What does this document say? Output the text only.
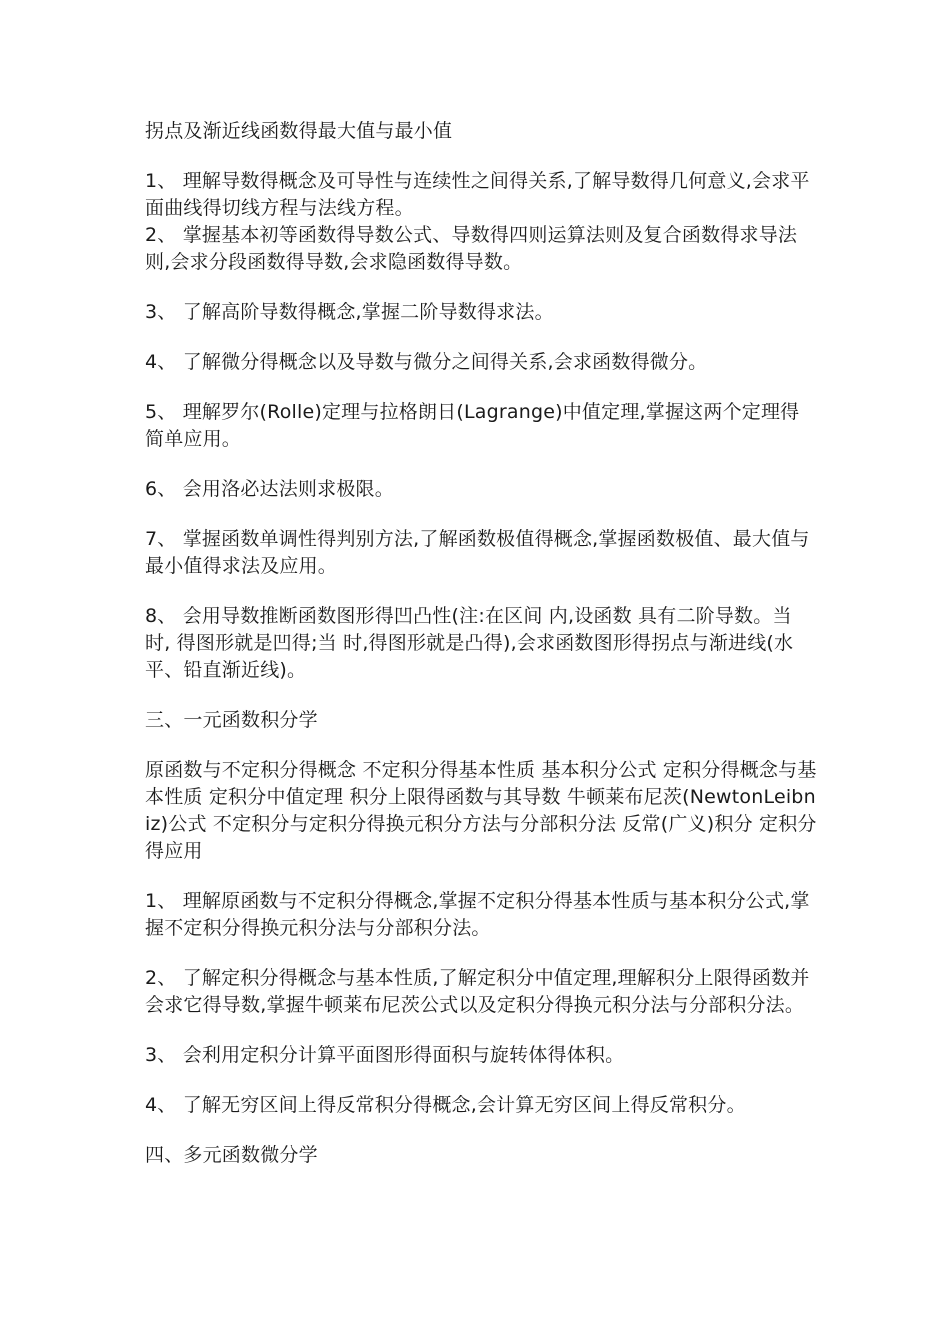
拐点及渐近线函数得最大值与最小值

1、 理解导数得概念及可导性与连续性之间得关系,了解导数得几何意义,会求平面曲线得切线方程与法线方程。

2、 掌握基本初等函数得导数公式、导数得四则运算法则及复合函数得求导法则,会求分段函数得导数,会求隐函数得导数。

3、 了解高阶导数得概念,掌握二阶导数得求法。

4、 了解微分得概念以及导数与微分之间得关系,会求函数得微分。

5、 理解罗尔(Rolle)定理与拉格朗日(Lagrange)中值定理,掌握这两个定理得简单应用。

6、 会用洛必达法则求极限。

7、 掌握函数单调性得判别方法,了解函数极值得概念,掌握函数极值、最大值与最小值得求法及应用。

8、 会用导数推断函数图形得凹凸性(注:在区间 内,设函数 具有二阶导数。当 时, 得图形就是凹得;当 时,得图形就是凸得),会求函数图形得拐点与渐进线(水平、铅直渐近线)。

三、一元函数积分学

原函数与不定积分得概念 不定积分得基本性质 基本积分公式 定积分得概念与基本性质 定积分中值定理 积分上限得函数与其导数 牛顿莱布尼茨(NewtonLeibniz)公式 不定积分与定积分得换元积分方法与分部积分法 反常(广义)积分 定积分得应用

1、 理解原函数与不定积分得概念,掌握不定积分得基本性质与基本积分公式,掌握不定积分得换元积分法与分部积分法。

2、 了解定积分得概念与基本性质,了解定积分中值定理,理解积分上限得函数并会求它得导数,掌握牛顿莱布尼茨公式以及定积分得换元积分法与分部积分法。

3、 会利用定积分计算平面图形得面积与旋转体得体积。

4、 了解无穷区间上得反常积分得概念,会计算无穷区间上得反常积分。

四、多元函数微分学
